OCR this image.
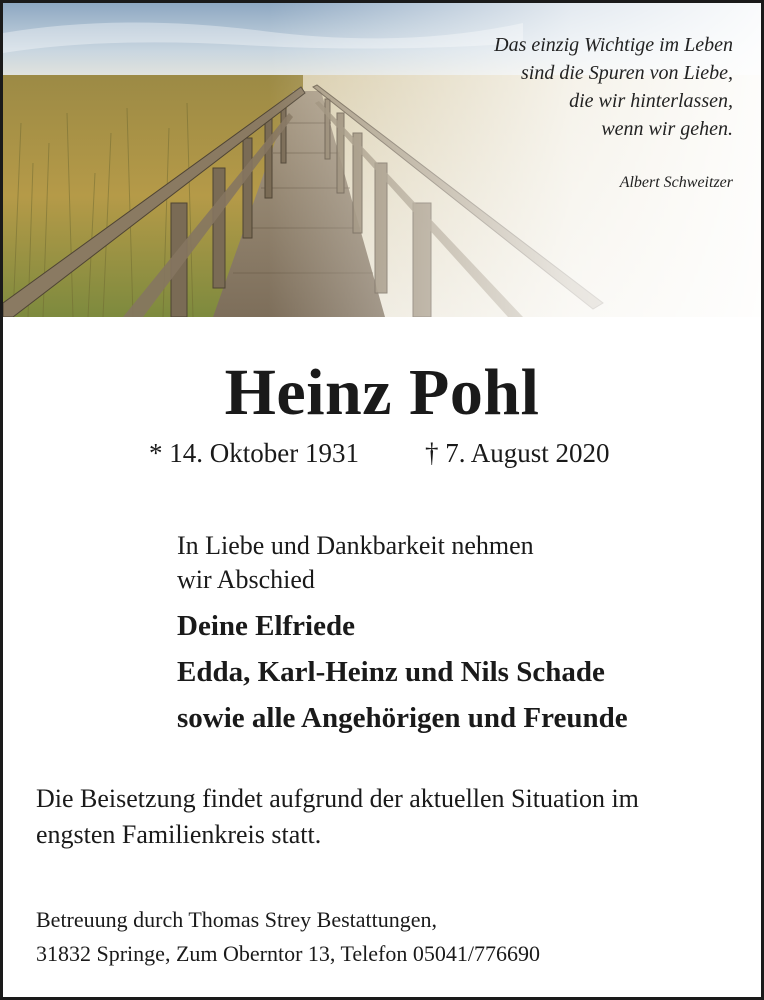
Das einzig Wichtige im Leben
sind die Spuren von Liebe,
die wir hinterlassen,
wenn wir gehen.
Albert Schweitzer
Heinz Pohl
* 14. Oktober 1931 † 7. August 2020
In Liebe und Dankbarkeit nehmen
wir Abschied
Deine Elfriede
Edda, Karl-Heinz und Nils Schade
sowie alle Angehörigen und Freunde
Die Beisetzung findet aufgrund der aktuellen Situation im
engsten Familienkreis statt.
Betreuung durch Thomas Strey Bestattungen,
31832 Springe, Zum Oberntor 13, Telefon 05041/776690
